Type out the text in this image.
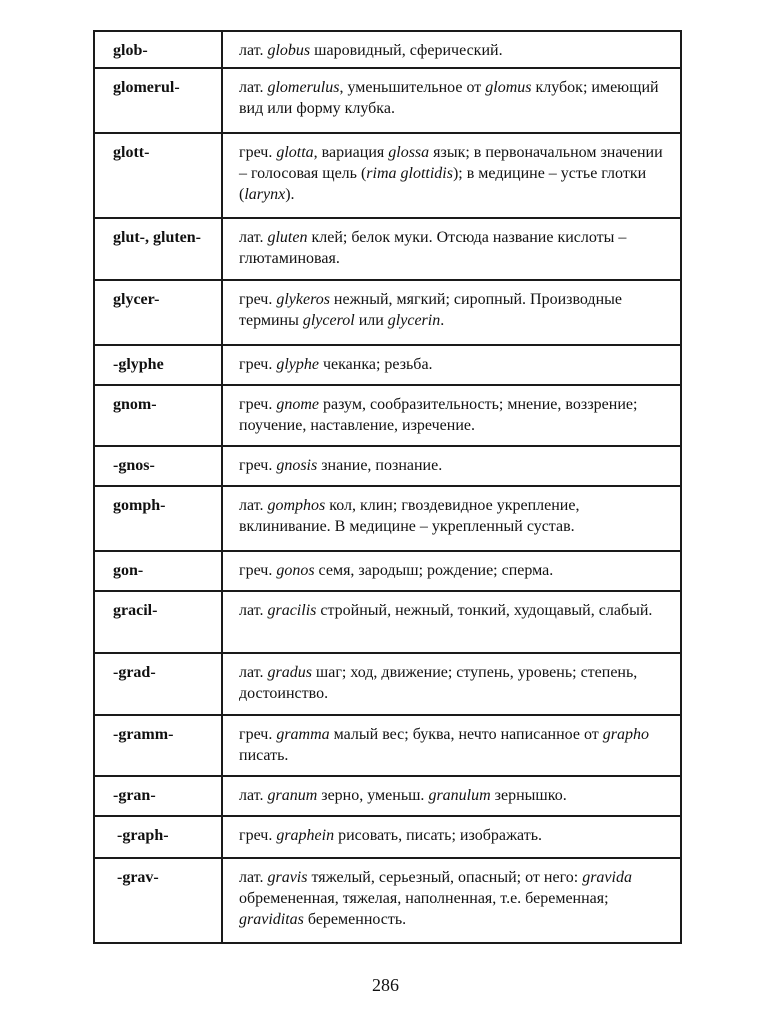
glob-	лат. globus шаровидный, сферический.
glomerul-	лат. glomerulus, уменьшительное от glomus клубок; имеющий вид или форму клубка.
glott-	греч. glotta, вариация glossa язык; в первоначальном значении – голосовая щель (rima glottidis); в медицине – устье глотки (larynx).
glut-, gluten-	лат. gluten клей; белок муки. Отсюда название кислоты – глютаминовая.
glycer-	греч. glykeros нежный, мягкий; сиропный. Производные термины glycerol или glycerin.
-glyphe	греч. glyphe чеканка; резьба.
gnom-	греч. gnome разум, сообразительность; мнение, воззрение; поучение, наставление, изречение.
-gnos-	греч. gnosis знание, познание.
gomph-	лат. gomphos кол, клин; гвоздевидное укрепление, вклинивание. В медицине – укрепленный сустав.
gon-	греч. gonos семя, зародыш; рождение; сперма.
gracil-	лат. gracilis стройный, нежный, тонкий, худощавый, слабый.
-grad-	лат. gradus шаг; ход, движение; ступень, уровень; степень, достоинство.
-gramm-	греч. gramma малый вес; буква, нечто написанное от grapho писать.
-gran-	лат. granum зерно, уменьш. granulum зернышко.
-graph-	греч. graphein рисовать, писать; изображать.
-grav-	лат. gravis тяжелый, серьезный, опасный; от него: gravida обремененная, тяжелая, наполненная, т.е. беременная; graviditas беременность.
286
